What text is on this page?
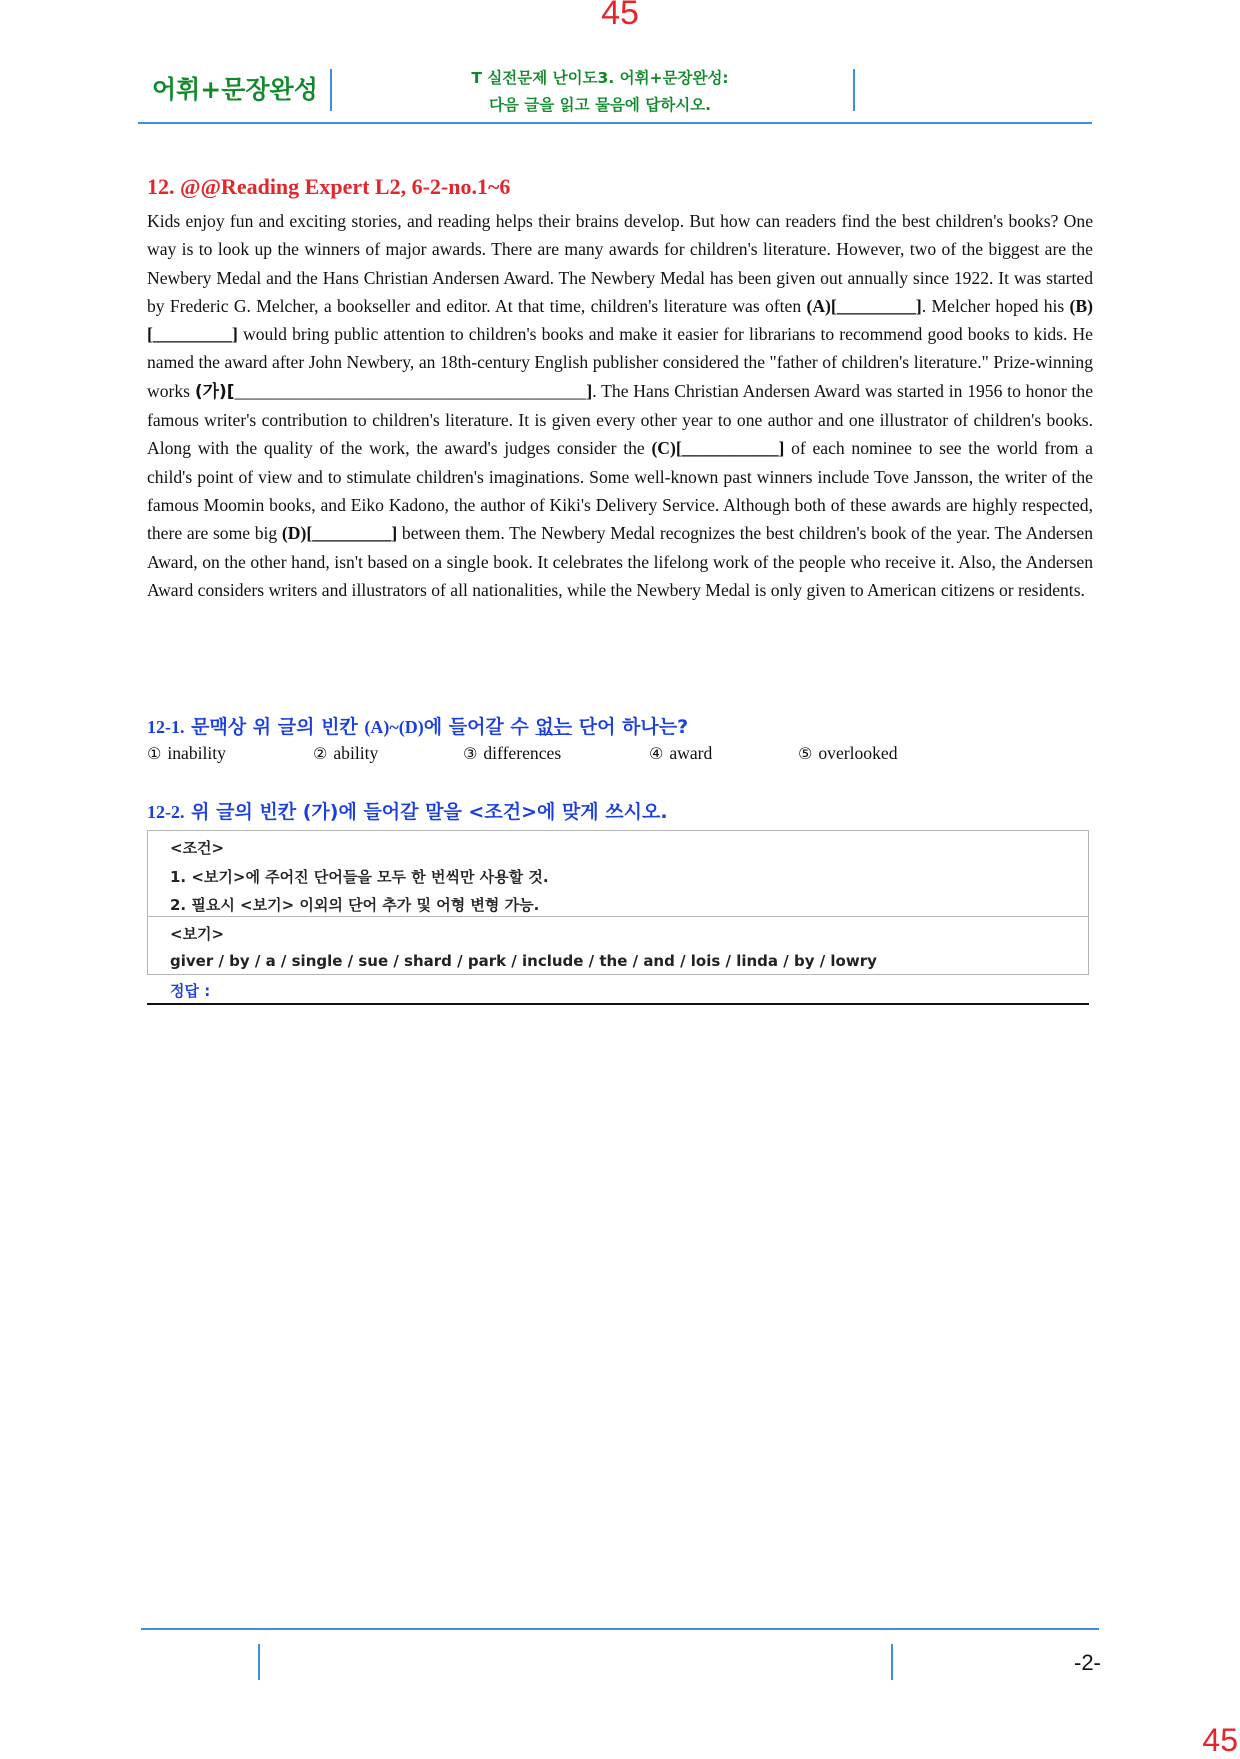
45
어휘+문장완성	T 실전문제 난이도3. 어휘+문장완성:
다음 글을 읽고 물음에 답하시오.
12. @@Reading Expert L2, 6-2-no.1~6
Kids enjoy fun and exciting stories, and reading helps their brains develop. But how can readers find the best children's books? One way is to look up the winners of major awards. There are many awards for children's literature. However, two of the biggest are the Newbery Medal and the Hans Christian Andersen Award. The Newbery Medal has been given out annually since 1922. It was started by Frederic G. Melcher, a bookseller and editor. At that time, children's literature was often (A)[_________]. Melcher hoped his (B)[_________] would bring public attention to children's books and make it easier for librarians to recommend good books to kids. He named the award after John Newbery, an 18th-century English publisher considered the "father of children's literature." Prize-winning works (가)[________________________________________]. The Hans Christian Andersen Award was started in 1956 to honor the famous writer's contribution to children's literature. It is given every other year to one author and one illustrator of children's books. Along with the quality of the work, the award's judges consider the (C)[___________] of each nominee to see the world from a child's point of view and to stimulate children's imaginations. Some well-known past winners include Tove Jansson, the writer of the famous Moomin books, and Eiko Kadono, the author of Kiki's Delivery Service. Although both of these awards are highly respected, there are some big (D)[_________] between them. The Newbery Medal recognizes the best children's book of the year. The Andersen Award, on the other hand, isn't based on a single book. It celebrates the lifelong work of the people who receive it. Also, the Andersen Award considers writers and illustrators of all nationalities, while the Newbery Medal is only given to American citizens or residents.
12-1. 문맥상 위 글의 빈칸 (A)~(D)에 들어갈 수 없는 단어 하나는?
① inability	② ability	③ differences	④ award	⑤ overlooked
12-2. 위 글의 빈칸 (가)에 들어갈 말을 <조건>에 맞게 쓰시오.
<조건>
1. <보기>에 주어진 단어들을 모두 한 번씩만 사용할 것.
2. 필요시 <보기> 이외의 단어 추가 및 어형 변형 가능.
<보기>
giver / by / a / single / sue / shard / park / include / the / and / lois / linda / by / lowry
정답 :
-2-
45
